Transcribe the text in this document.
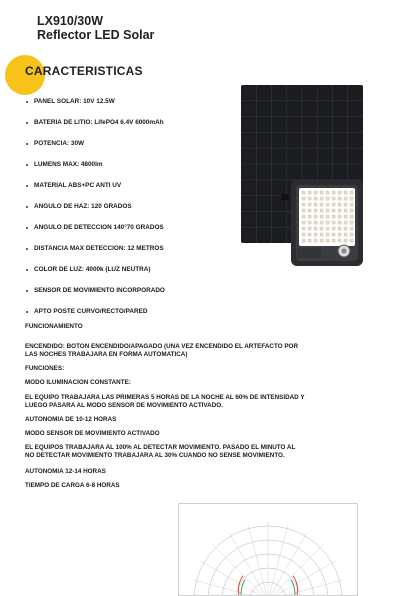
LX910/30W
Reflector LED Solar
CARACTERISTICAS
PANEL SOLAR: 10V 12.5W
BATERIA DE LITIO: LifePO4 6.4V 6000mAh
POTENCIA: 30W
LUMENS MAX: 4800lm
MATERIAL ABS+PC ANTI UV
ANGULO DE HAZ: 120 GRADOS
ANGULO DE DETECCION 140°70 GRADOS
DISTANCIA MAX DETECCION: 12 METROS
COLOR DE LUZ: 4000k (LUZ NEUTRA)
SENSOR DE MOVIMIENTO INCORPORADO
APTO POSTE CURVO/RECTO/PARED

FUNCIONAMIENTO

ENCENDIDO: BOTON ENCENDIDO/APAGADO (UNA VEZ ENCENDIDO EL ARTEFACTO POR

LAS NOCHES TRABAJARA EN FORMA AUTOMATICA)

FUNCIONES:

MODO ILUMINACION CONSTANTE:

EL EQUIPO TRABAJARA LAS PRIMERAS 5 HORAS DE LA NOCHE AL 60% DE INTENSIDAD Y

LUEGO PASARA AL MODO SENSOR DE MOVIMIENTO ACTIVADO.

AUTONOMIA DE 10-12 HORAS

MODO SENSOR DE MOVIMIENTO ACTIVADO

EL EQUIPOS TRABAJARA AL 100% AL DETECTAR MOVIMIENTO. PASADO EL MINUTO AL

NO DETECTAR MOVIMIENTO TRABAJARA AL 30% CUANDO NO SENSE MOVIMIENTO.

AUTONOMIA 12-14 HORAS

TIEMPO DE CARGA 6-8 HORAS
